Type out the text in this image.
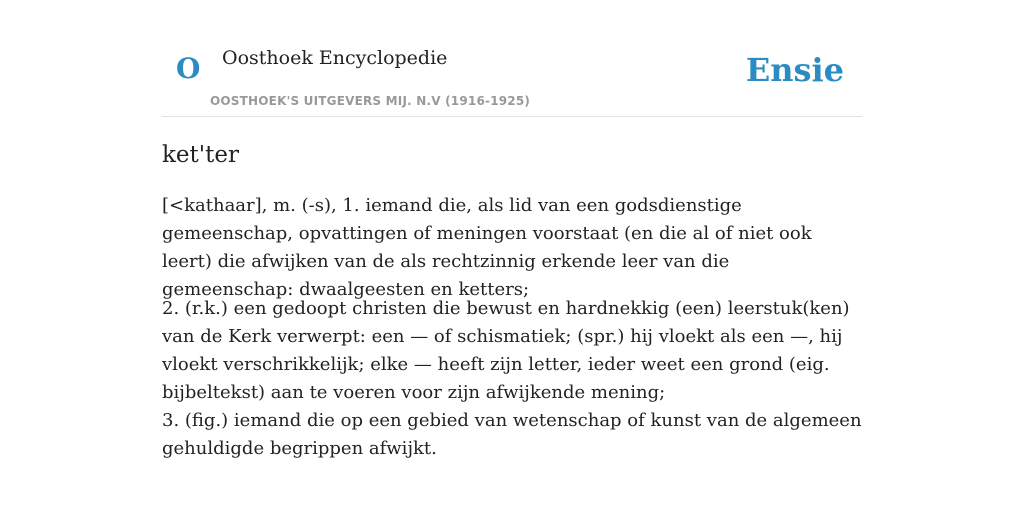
O Oosthoek Encyclopedie
OOSTHOEK'S UITGEVERS MIJ. N.V (1916-1925)
Ensie
ket'ter

[<kathaar], m. (-s), 1. iemand die, als lid van een godsdienstige gemeenschap, opvattingen of meningen voorstaat (en die al of niet ook leert) die afwijken van de als rechtzinnig erkende leer van die gemeenschap: dwaalgeesten en ketters;

2. (r.k.) een gedoopt christen die bewust en hardnekkig (een) leerstuk(ken) van de Kerk verwerpt: een — of schismatiek; (spr.) hij vloekt als een —, hij vloekt verschrikkelijk; elke — heeft zijn letter, ieder weet een grond (eig. bijbeltekst) aan te voeren voor zijn afwijkende mening;

3. (fig.) iemand die op een gebied van wetenschap of kunst van de algemeen gehuldigde begrippen afwijkt.
